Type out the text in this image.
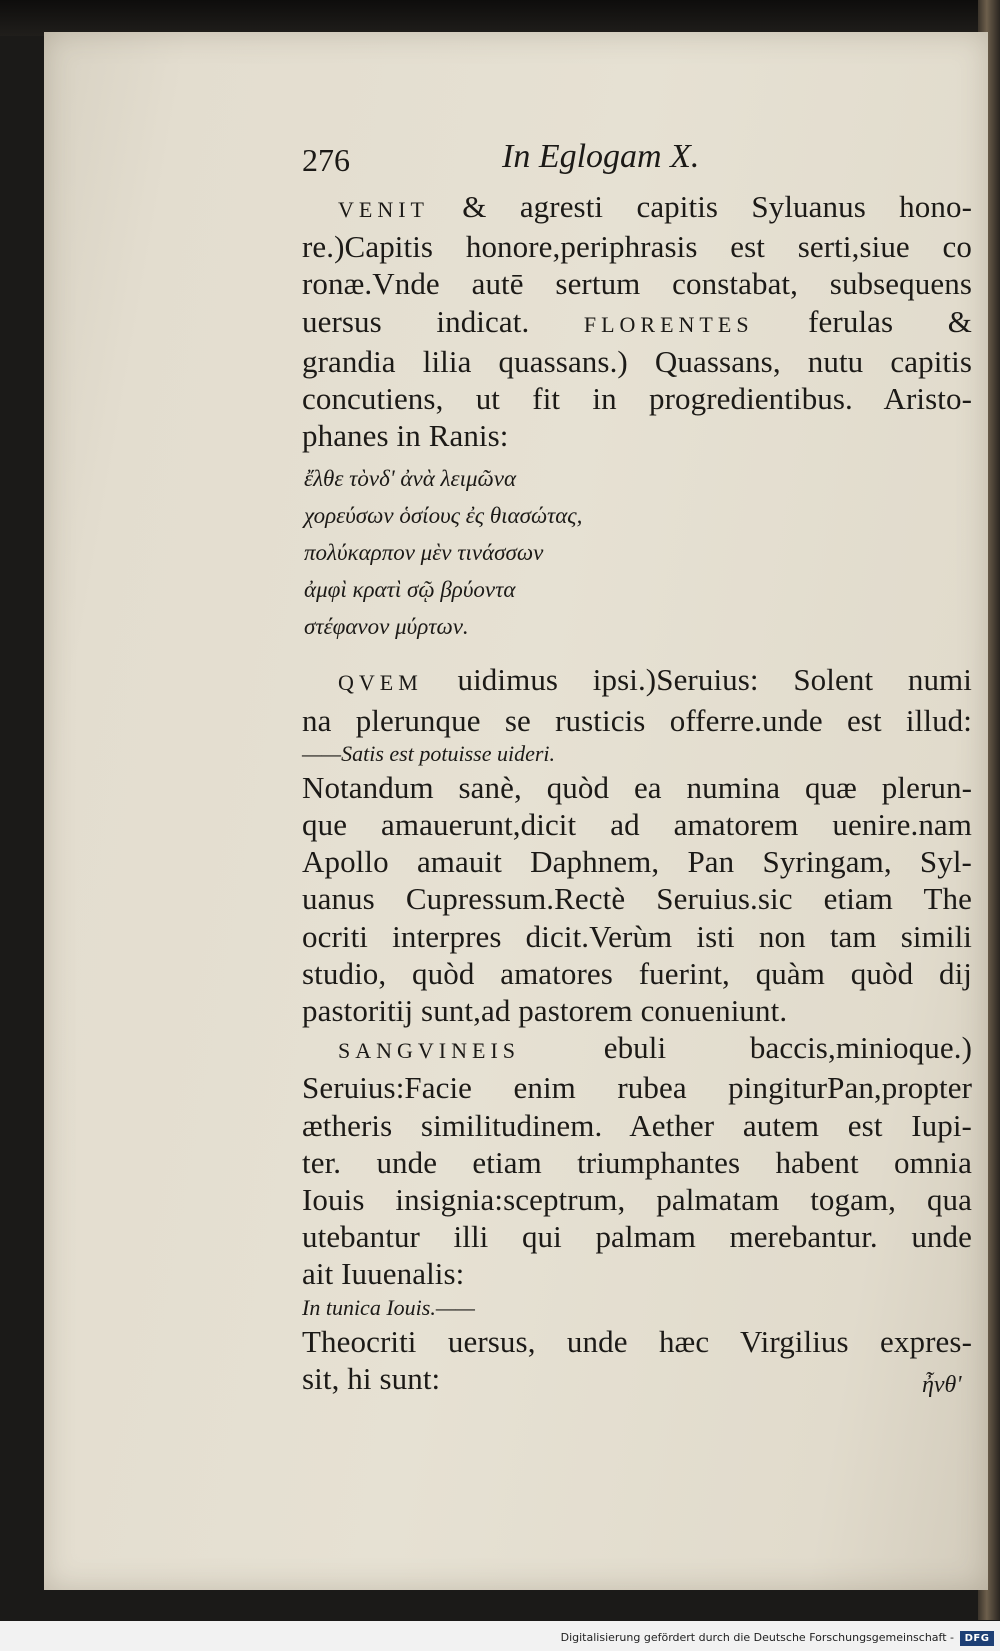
276	In Eglogam X.
VENIT & agresti capitis Syluanus hono-
re.)Capitis honore,periphrasis est serti,siue co
ronæ.Vnde autē sertum constabat, subsequens
uersus indicat. FLORENTES ferulas &
grandia lilia quassans.) Quassans, nutu capitis
concutiens, ut fit in progredientibus. Aristo-
phanes in Ranis:
ἔλθε τὸνδ' ἀνὰ λειμῶνα
χορεύσων ὁσίους ἐς θιασώτας,
πολύκαρπον μὲν τινάσσων
ἀμφὶ κρατὶ σῷ βρύοντα
στέφανον μύρτων.
QVEM uidimus ipsi.)Seruius: Solent numi
na plerunque se rusticis offerre.unde est illud:
——Satis est potuisse uideri.
Notandum sanè, quòd ea numina quæ plerun-
que amauerunt,dicit ad amatorem uenire.nam
Apollo amauit Daphnem, Pan Syringam, Syl-
uanus Cupressum.Rectè Seruius.sic etiam The
ocriti interpres dicit.Verùm isti non tam simili
studio, quòd amatores fuerint, quàm quòd dij
pastoritij sunt,ad pastorem conueniunt.
SANGVINEIS ebuli baccis,minioque.)
Seruius:Facie enim rubea pingiturPan,propter
ætheris similitudinem. Aether autem est Iupi-
ter. unde etiam triumphantes habent omnia
Iouis insignia:sceptrum, palmatam togam, qua
utebantur illi qui palmam merebantur. unde
ait Iuuenalis:
In tunica Iouis.——
Theocriti uersus, unde hæc Virgilius expres-
sit, hi sunt:	ἦνθ'
Digitalisierung gefördert durch die Deutsche Forschungsgemeinschaft -	DFG
